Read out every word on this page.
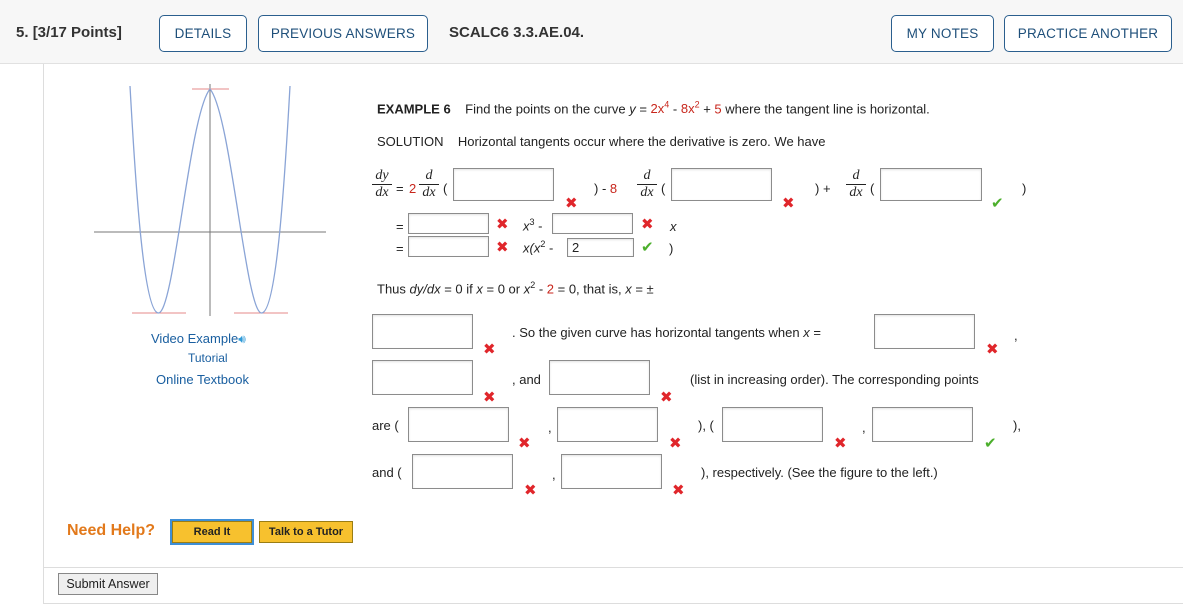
5. [3/17 Points]	DETAILS	PREVIOUS ANSWERS	SCALC6 3.3.AE.04.	MY NOTES	PRACTICE ANOTHER
Video Example🔊︎
Tutorial
Online Textbook
EXAMPLE 6 Find the points on the curve $y = 2x^4 - 8x^2 + 5$ where the tangent line is horizontal.
SOLUTION Horizontal tangents occur where the derivative is zero. We have
$\frac{dy}{dx} = 2 \frac{d}{dx}$ (
✖
) - $8 \frac{d}{dx}$ (
✖
) + $\frac{d}{dx}$ (
✔
)
=	✖ $x^3$ -	✖ x
=	✖ $x(x^2$ -	2	✔ )
Thus dy/dx = 0 if x = 0 or $x^2 - 2 = 0$, that is, x = ±
✖
. So the given curve has horizontal tangents when x =
✖
,
✖
, and
✖
(list in increasing order). The corresponding points
are (
✖
,
✖
), (
✖
,
✔
),
and (
✖
,
✖
), respectively. (See the figure to the left.)
Need Help?	Read It	Talk to a Tutor
Submit Answer
